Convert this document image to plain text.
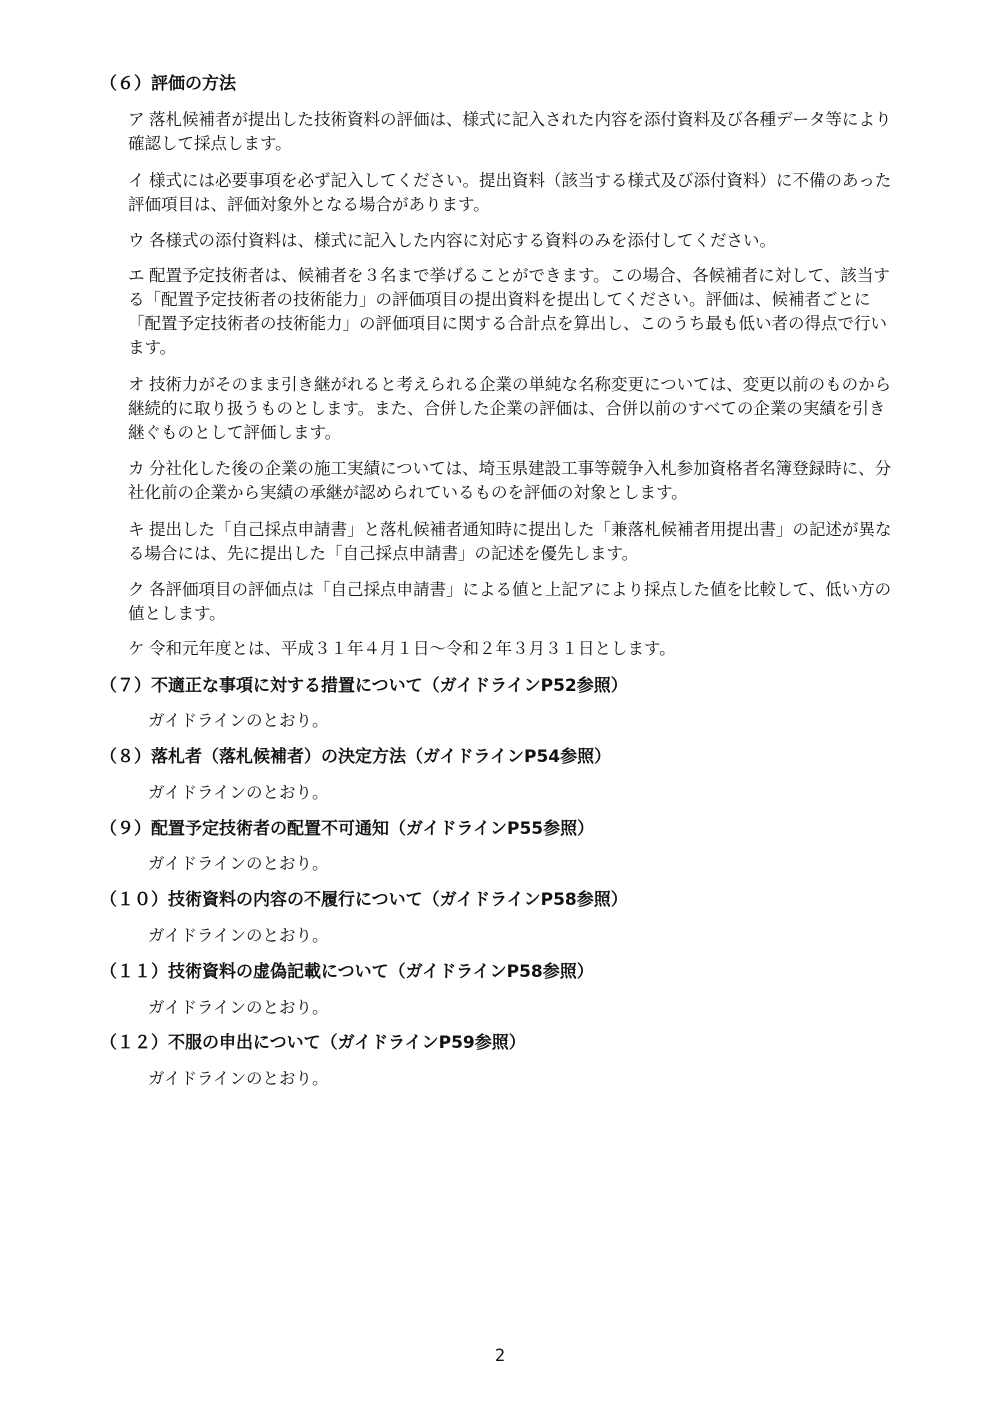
（６）評価の方法
ア 落札候補者が提出した技術資料の評価は、様式に記入された内容を添付資料及び各種データ等により確認して採点します。
イ 様式には必要事項を必ず記入してください。提出資料（該当する様式及び添付資料）に不備のあった評価項目は、評価対象外となる場合があります。
ウ 各様式の添付資料は、様式に記入した内容に対応する資料のみを添付してください。
エ 配置予定技術者は、候補者を３名まで挙げることができます。この場合、各候補者に対して、該当する「配置予定技術者の技術能力」の評価項目の提出資料を提出してください。評価は、候補者ごとに「配置予定技術者の技術能力」の評価項目に関する合計点を算出し、このうち最も低い者の得点で行います。
オ 技術力がそのまま引き継がれると考えられる企業の単純な名称変更については、変更以前のものから継続的に取り扱うものとします。また、合併した企業の評価は、合併以前のすべての企業の実績を引き継ぐものとして評価します。
カ 分社化した後の企業の施工実績については、埼玉県建設工事等競争入札参加資格者名簿登録時に、分社化前の企業から実績の承継が認められているものを評価の対象とします。
キ 提出した「自己採点申請書」と落札候補者通知時に提出した「兼落札候補者用提出書」の記述が異なる場合には、先に提出した「自己採点申請書」の記述を優先します。
ク 各評価項目の評価点は「自己採点申請書」による値と上記アにより採点した値を比較して、低い方の値とします。
ケ 令和元年度とは、平成３１年４月１日～令和２年３月３１日とします。
（７）不適正な事項に対する措置について（ガイドラインP52参照）
ガイドラインのとおり。
（８）落札者（落札候補者）の決定方法（ガイドラインP54参照）
ガイドラインのとおり。
（９）配置予定技術者の配置不可通知（ガイドラインP55参照）
ガイドラインのとおり。
（１０）技術資料の内容の不履行について（ガイドラインP58参照）
ガイドラインのとおり。
（１１）技術資料の虚偽記載について（ガイドラインP58参照）
ガイドラインのとおり。
（１２）不服の申出について（ガイドラインP59参照）
ガイドラインのとおり。
2
